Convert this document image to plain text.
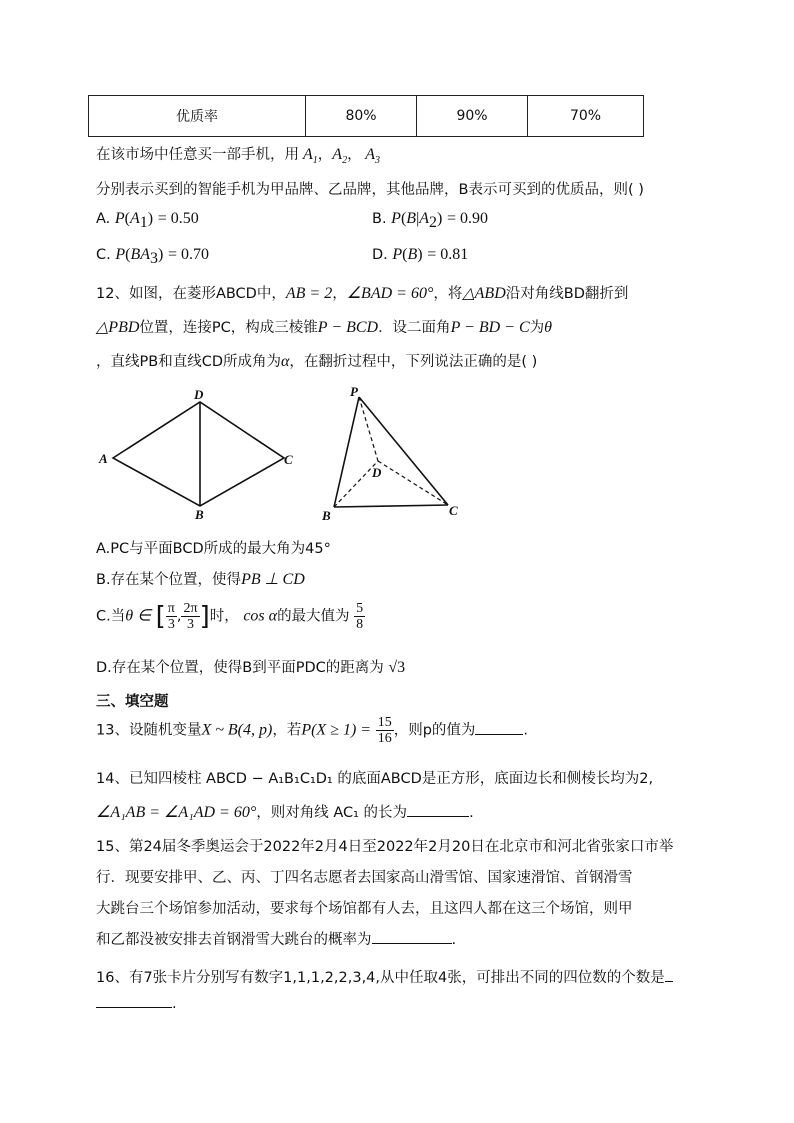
优质率	80%	90%	70%
在该市场中任意买一部手机，用 $A_1$，$A_2$， $A_3$
分别表示买到的智能手机为甲品牌、乙品牌，其他品牌，B表示可买到的优质品，则( )
A. $P(A_1) = 0.50$	B. $P(B|A_2) = 0.90$
C. $P(BA_3) = 0.70$	D. P(B) = 0.81
12、如图，在菱形ABCD中，AB = 2，∠BAD = 60°，将△ABD沿对角线BD翻折到
△PBD位置，连接PC，构成三棱锥P − BCD．设二面角P − BD − C为θ
，直线PB和直线CD所成角为α，在翻折过程中，下列说法正确的是( )
A
B
C
D	P
B	C
D
A.PC与平面BCD所成的最大角为45°
B.存在某个位置，使得PB ⊥ CD
C.当θ ∈ [ $\frac{\pi}{3}$ , $\frac{2\pi}{3}$ ]时， cos α的最大值为 $\frac{5}{8}$
D.存在某个位置，使得B到平面PDC的距离为 √3
三、填空题
13、设随机变量X ~ B(4, p)，若$P(X \ge 1) = \frac{15}{16}$ ，则p的值为	.
14、已知四棱柱 ABCD − A₁B₁C₁D₁ 的底面ABCD是正方形，底面边长和侧棱长均为2,
∠A₁AB = ∠A₁AD = 60°，则对角线 AC₁ 的长为	.
15、第24届冬季奥运会于2022年2月4日至2022年2月20日在北京市和河北省张家口市举
行．现要安排甲、乙、丙、丁四名志愿者去国家高山滑雪馆、国家速滑馆、首钢滑雪
大跳台三个场馆参加活动，要求每个场馆都有人去，且这四人都在这三个场馆，则甲
和乙都没被安排去首钢滑雪大跳台的概率为	.
16、有7张卡片分别写有数字1,1,1,2,2,3,4,从中任取4张，可排出不同的四位数的个数是
.
